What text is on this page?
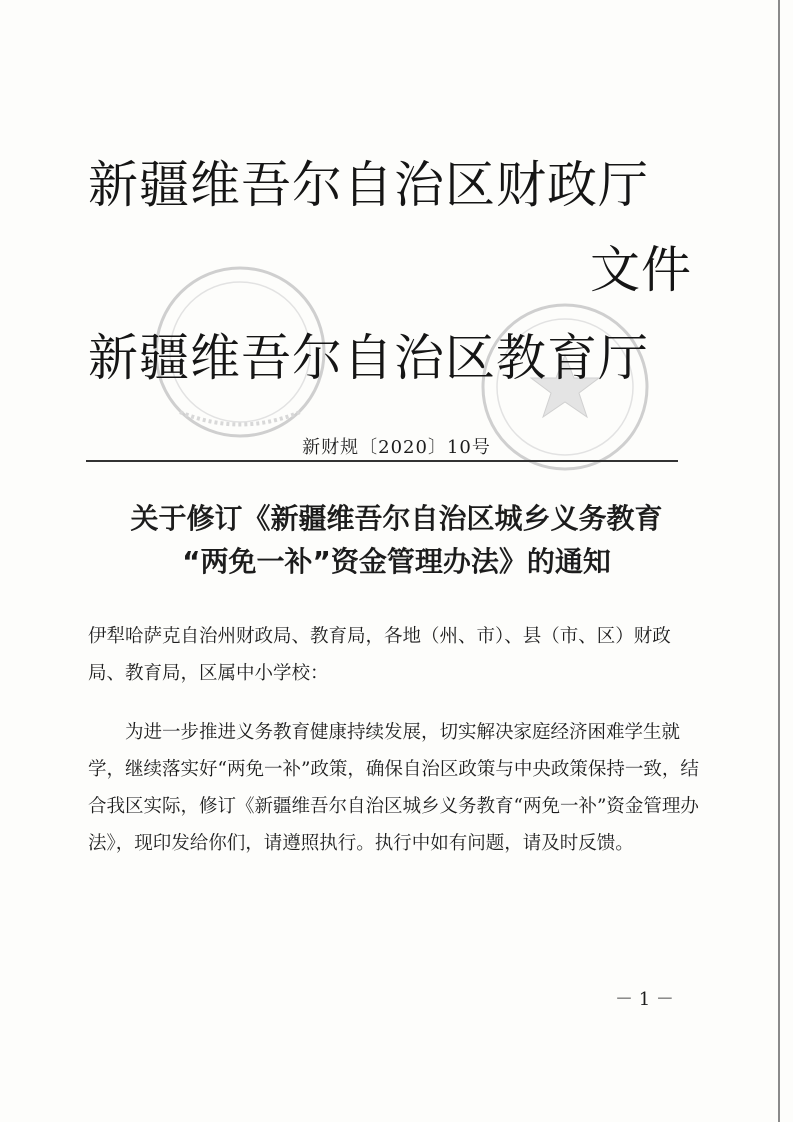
新疆维吾尔自治区财政厅
文件
新疆维吾尔自治区教育厅
新财规〔2020〕10号
关于修订《新疆维吾尔自治区城乡义务教育
“两免一补”资金管理办法》的通知
伊犁哈萨克自治州财政局、教育局，各地（州、市）、县（市、区）财政局、教育局，区属中小学校：
为进一步推进义务教育健康持续发展，切实解决家庭经济困难学生就学，继续落实好“两免一补”政策，确保自治区政策与中央政策保持一致，结合我区实际，修订《新疆维吾尔自治区城乡义务教育“两免一补”资金管理办法》，现印发给你们，请遵照执行。执行中如有问题，请及时反馈。
－ 1 －
